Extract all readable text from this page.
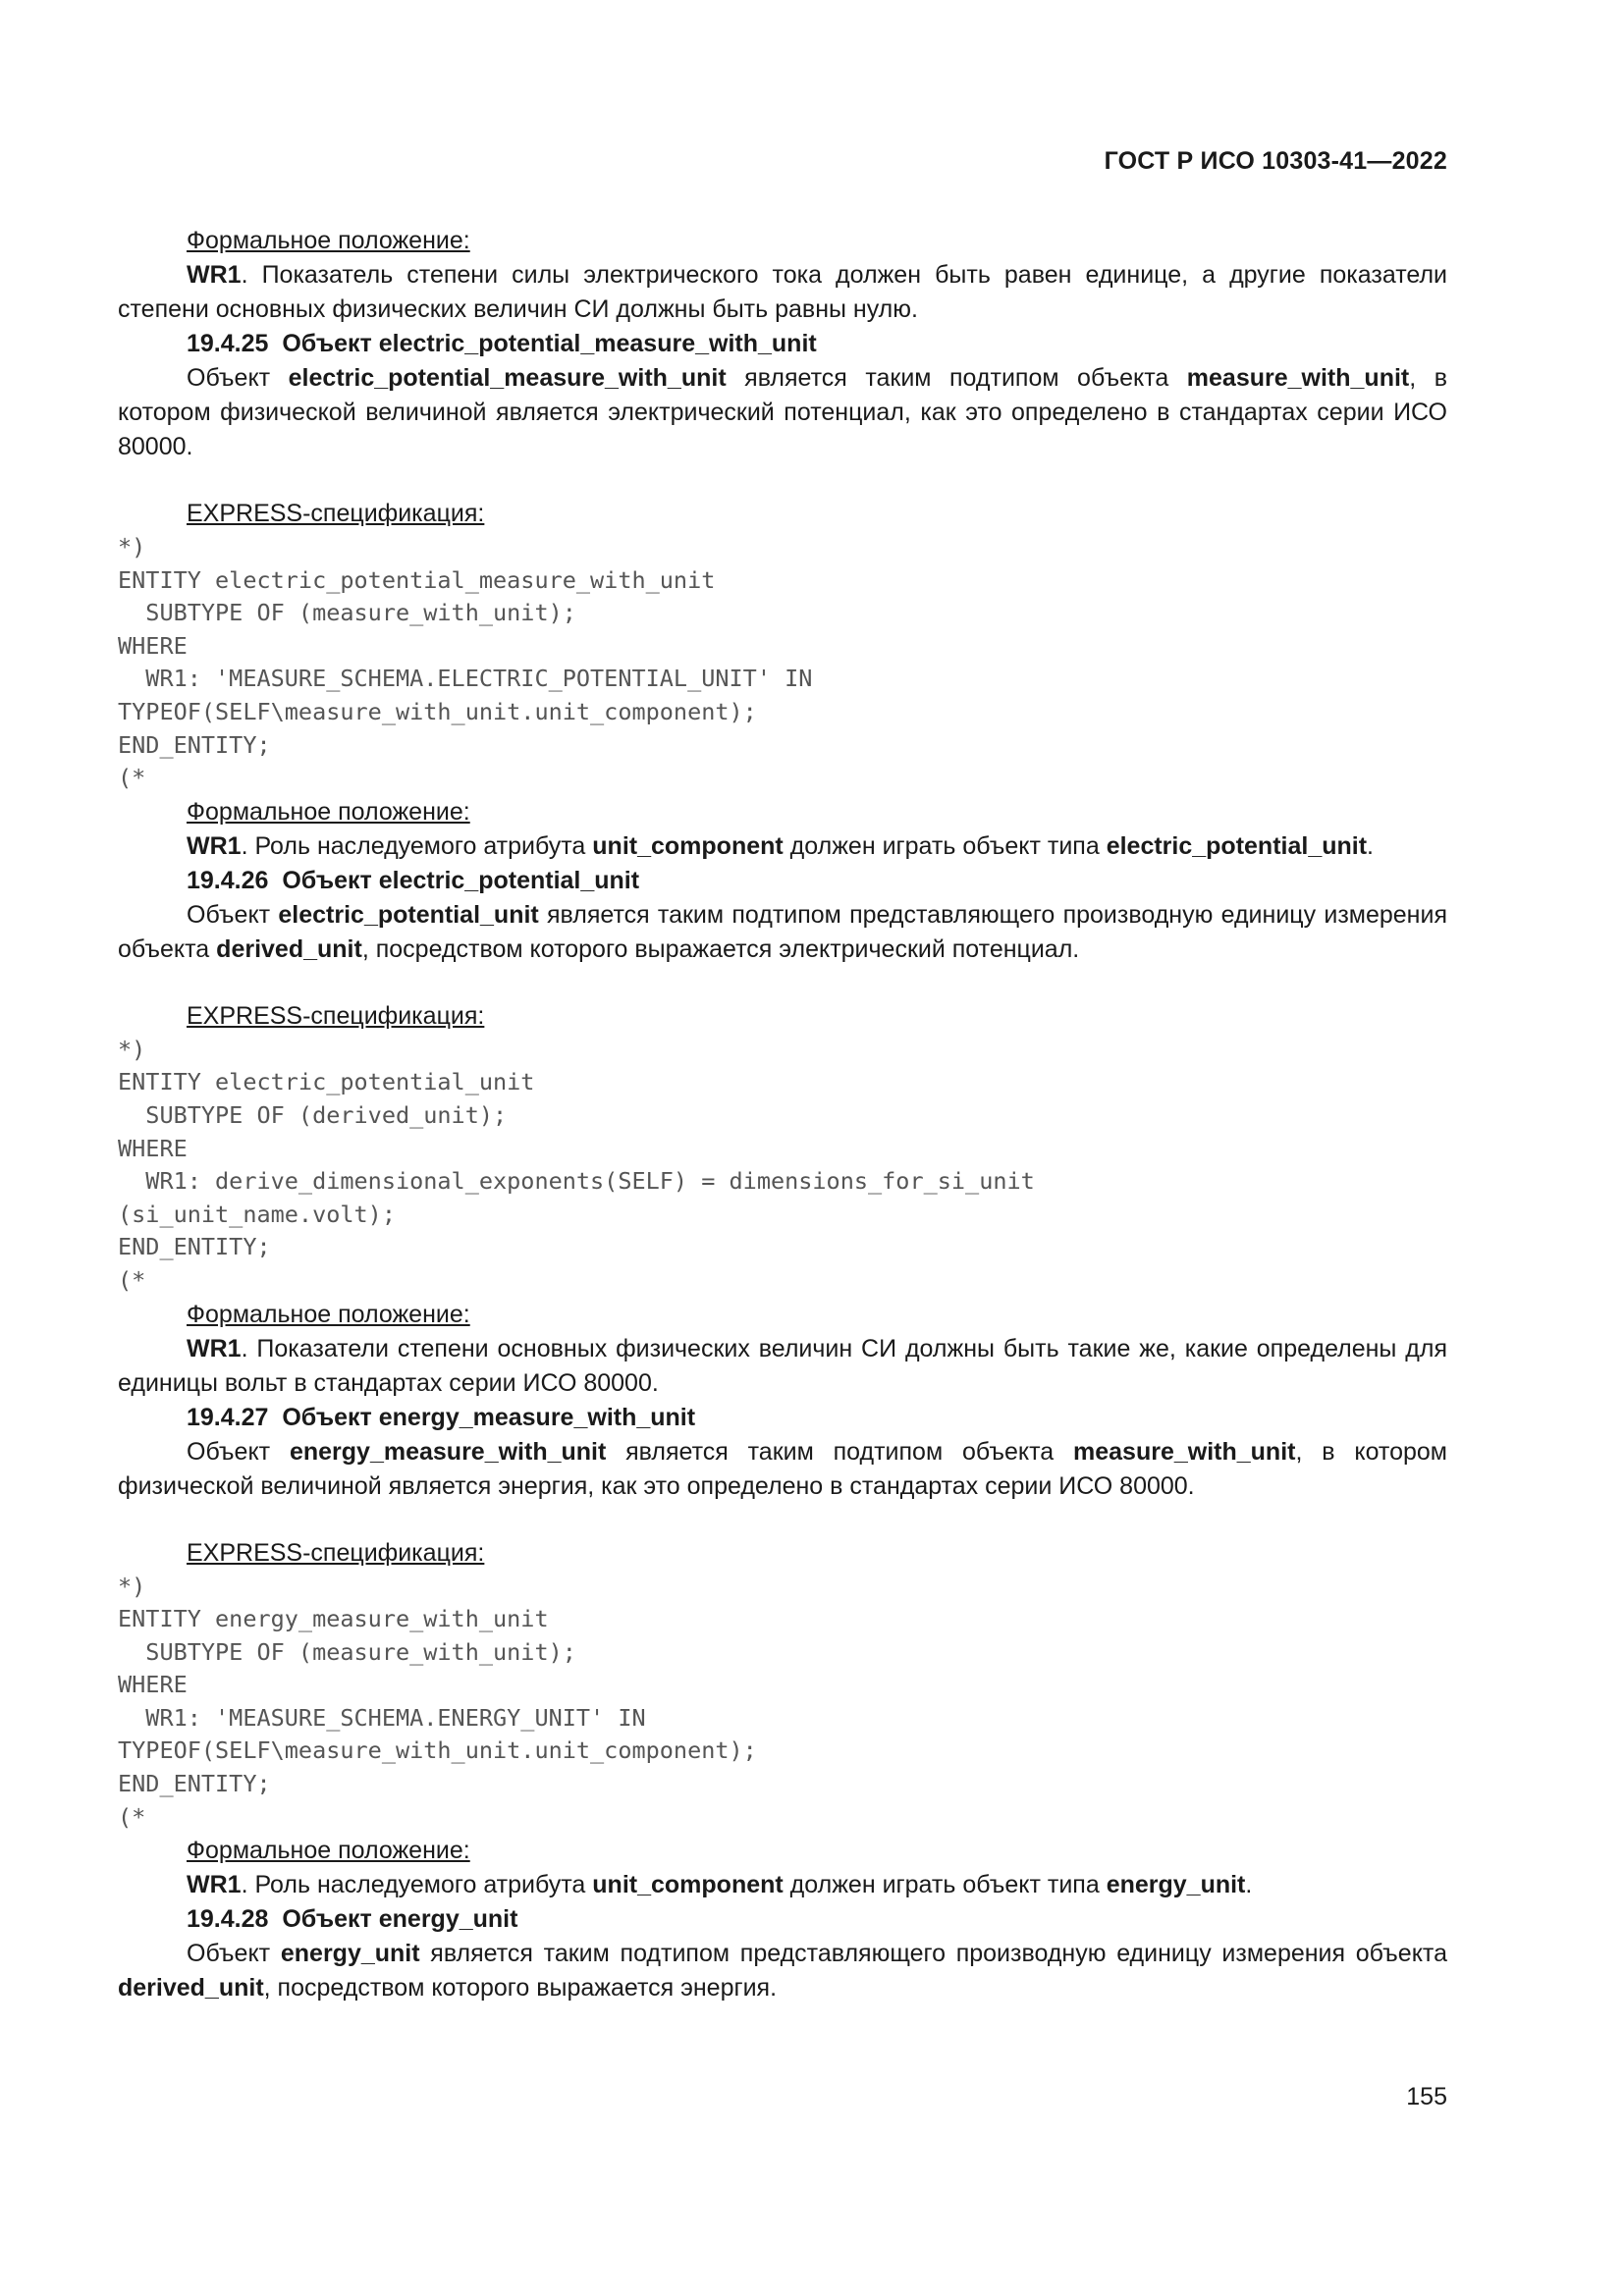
ГОСТ Р ИСО 10303-41—2022

Формальное положение:

WR1. Показатель степени силы электрического тока должен быть равен единице, а другие показатели степени основных физических величин СИ должны быть равны нулю.

19.4.25 Объект electric_potential_measure_with_unit

Объект electric_potential_measure_with_unit является таким подтипом объекта measure_with_unit, в котором физической величиной является электрический потенциал, как это определено в стандартах серии ИСО 80000.

EXPRESS-спецификация:

*)
ENTITY electric_potential_measure_with_unit
SUBTYPE OF (measure_with_unit);
WHERE
WR1: 'MEASURE_SCHEMA.ELECTRIC_POTENTIAL_UNIT' IN
TYPEOF(SELF\measure_with_unit.unit_component);
END_ENTITY;
(*

Формальное положение:

WR1. Роль наследуемого атрибута unit_component должен играть объект типа electric_potential_unit.

19.4.26 Объект electric_potential_unit

Объект electric_potential_unit является таким подтипом представляющего производную единицу измерения объекта derived_unit, посредством которого выражается электрический потенциал.

EXPRESS-спецификация:

*)
ENTITY electric_potential_unit
SUBTYPE OF (derived_unit);
WHERE
WR1: derive_dimensional_exponents(SELF) = dimensions_for_si_unit
(si_unit_name.volt);
END_ENTITY;
(*

Формальное положение:

WR1. Показатели степени основных физических величин СИ должны быть такие же, какие определены для единицы вольт в стандартах серии ИСО 80000.

19.4.27 Объект energy_measure_with_unit

Объект energy_measure_with_unit является таким подтипом объекта measure_with_unit, в котором физической величиной является энергия, как это определено в стандартах серии ИСО 80000.

EXPRESS-спецификация:

*)
ENTITY energy_measure_with_unit
SUBTYPE OF (measure_with_unit);
WHERE
WR1: 'MEASURE_SCHEMA.ENERGY_UNIT' IN
TYPEOF(SELF\measure_with_unit.unit_component);
END_ENTITY;
(*

Формальное положение:

WR1. Роль наследуемого атрибута unit_component должен играть объект типа energy_unit.

19.4.28 Объект energy_unit

Объект energy_unit является таким подтипом представляющего производную единицу измерения объекта derived_unit, посредством которого выражается энергия.

155
